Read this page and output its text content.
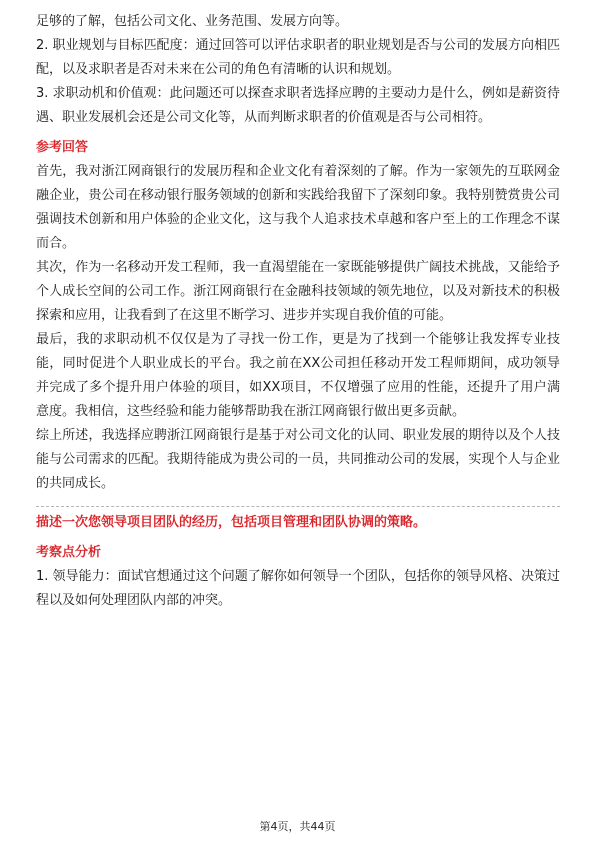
足够的了解，包括公司文化、业务范围、发展方向等。

2. 职业规划与目标匹配度：通过回答可以评估求职者的职业规划是否与公司的发展方向相匹配，以及求职者是否对未来在公司的角色有清晰的认识和规划。

3. 求职动机和价值观：此问题还可以探查求职者选择应聘的主要动力是什么，例如是薪资待遇、职业发展机会还是公司文化等，从而判断求职者的价值观是否与公司相符。

参考回答

首先，我对浙江网商银行的发展历程和企业文化有着深刻的了解。作为一家领先的互联网金融企业，贵公司在移动银行服务领域的创新和实践给我留下了深刻印象。我特别赞赏贵公司强调技术创新和用户体验的企业文化，这与我个人追求技术卓越和客户至上的工作理念不谋而合。

其次，作为一名移动开发工程师，我一直渴望能在一家既能够提供广阔技术挑战，又能给予个人成长空间的公司工作。浙江网商银行在金融科技领域的领先地位，以及对新技术的积极探索和应用，让我看到了在这里不断学习、进步并实现自我价值的可能。

最后，我的求职动机不仅仅是为了寻找一份工作，更是为了找到一个能够让我发挥专业技能，同时促进个人职业成长的平台。我之前在XX公司担任移动开发工程师期间，成功领导并完成了多个提升用户体验的项目，如XX项目，不仅增强了应用的性能，还提升了用户满意度。我相信，这些经验和能力能够帮助我在浙江网商银行做出更多贡献。

综上所述，我选择应聘浙江网商银行是基于对公司文化的认同、职业发展的期待以及个人技能与公司需求的匹配。我期待能成为贵公司的一员，共同推动公司的发展，实现个人与企业的共同成长。

描述一次您领导项目团队的经历，包括项目管理和团队协调的策略。

考察点分析

1. 领导能力：面试官想通过这个问题了解你如何领导一个团队，包括你的领导风格、决策过程以及如何处理团队内部的冲突。

第4页，共44页
